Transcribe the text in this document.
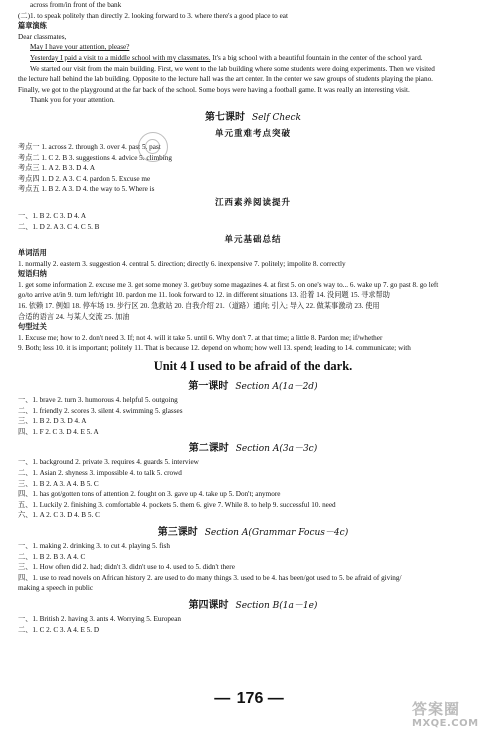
across from/in front of the bank
(二)1. to speak politely than directly 2. looking forward to 3. where there's a good place to eat
篇章演练
Dear classmates,
May I have your attention, please?
Yesterday I paid a visit to a middle school with my classmates. It's a big school with a beautiful fountain in the center of the school yard.
We started our visit from the main building. First, we went to the lab building where some students were doing experiments. Then we visited
the lecture hall behind the lab building. Opposite to the lecture hall was the art center. In the center we saw groups of students playing the piano.
Finally, we got to the playground at the far back of the school. Some boys were having a football game. It was really an interesting visit.
Thank you for your attention.
第七课时 Self Check
单元重难考点突破
考点一 1. across 2. through 3. over 4. past 5. past
考点二 1. C 2. B 3. suggestions 4. advice 5. climbing
考点三 1. A 2. B 3. D 4. A
考点四 1. D 2. A 3. C 4. pardon 5. Excuse me
考点五 1. B 2. A 3. D 4. the way to 5. Where is
江西素养阅读提升
一、1. B 2. C 3. D 4. A
二、1. D 2. A 3. C 4. C 5. B
单元基础总结
单词活用
1. normally 2. eastern 3. suggestion 4. central 5. direction; directly 6. inexpensive 7. politely; impolite 8. correctly
短语归纳
1. get some information 2. excuse me 3. get some money 3. get/buy some magazines 4. at first 5. on one's way to... 6. wake up 7. go past 8. go left
go/to arrive at/in 9. turn left/right 10. pardon me 11. look forward to 12. in different situations 13. 沿着 14. 没问题 15. 寻求帮助
16. 依赖 17. 例如 18. 停车场 19. 步行区 20. 急救站 20. 自我介绍 21.（道路）通向; 引入; 导入 22. 做某事激动 23. 使用
合适的语言 24. 与某人交流 25. 加油
句型过关
1. Excuse me; how to 2. don't need 3. If; not 4. will it take 5. until 6. Why don't 7. at that time; a little 8. Pardon me; if/whether
9. Both; less 10. it is important; politely 11. That is because 12. depend on whom; how well 13. spend; leading to 14. communicate; with
Unit 4 I used to be afraid of the dark.
第一课时 Section A(1a－2d)
一、1. brave 2. turn 3. humorous 4. helpful 5. outgoing
二、1. friendly 2. scores 3. silent 4. swimming 5. glasses
三、1. B 2. D 3. D 4. A
四、1. F 2. C 3. D 4. E 5. A
第二课时 Section A(3a－3c)
一、1. background 2. private 3. requires 4. guards 5. interview
二、1. Asian 2. shyness 3. impossible 4. to talk 5. crowd
三、1. B 2. A 3. A 4. B 5. C
四、1. has got/gotten tons of attention 2. fought on 3. gave up 4. take up 5. Don't; anymore
五、1. Luckily 2. finishing 3. comfortable 4. pockets 5. them 6. give 7. While 8. to help 9. successful 10. need
六、1. A 2. C 3. D 4. B 5. C
第三课时 Section A(Grammar Focus－4c)
一、1. making 2. drinking 3. to cut 4. playing 5. fish
二、1. B 2. B 3. A 4. C
三、1. How often did 2. had; didn't 3. didn't use to 4. used to 5. didn't there
四、1. use to read novels on African history 2. are used to do many things 3. used to be 4. has been/got used to 5. be afraid of giving/
making a speech in public
第四课时 Section B(1a－1e)
一、1. British 2. having 3. ants 4. Worrying 5. European
二、1. C 2. C 3. A 4. E 5. D
— 176 —
答案圈
MXQE.COM
